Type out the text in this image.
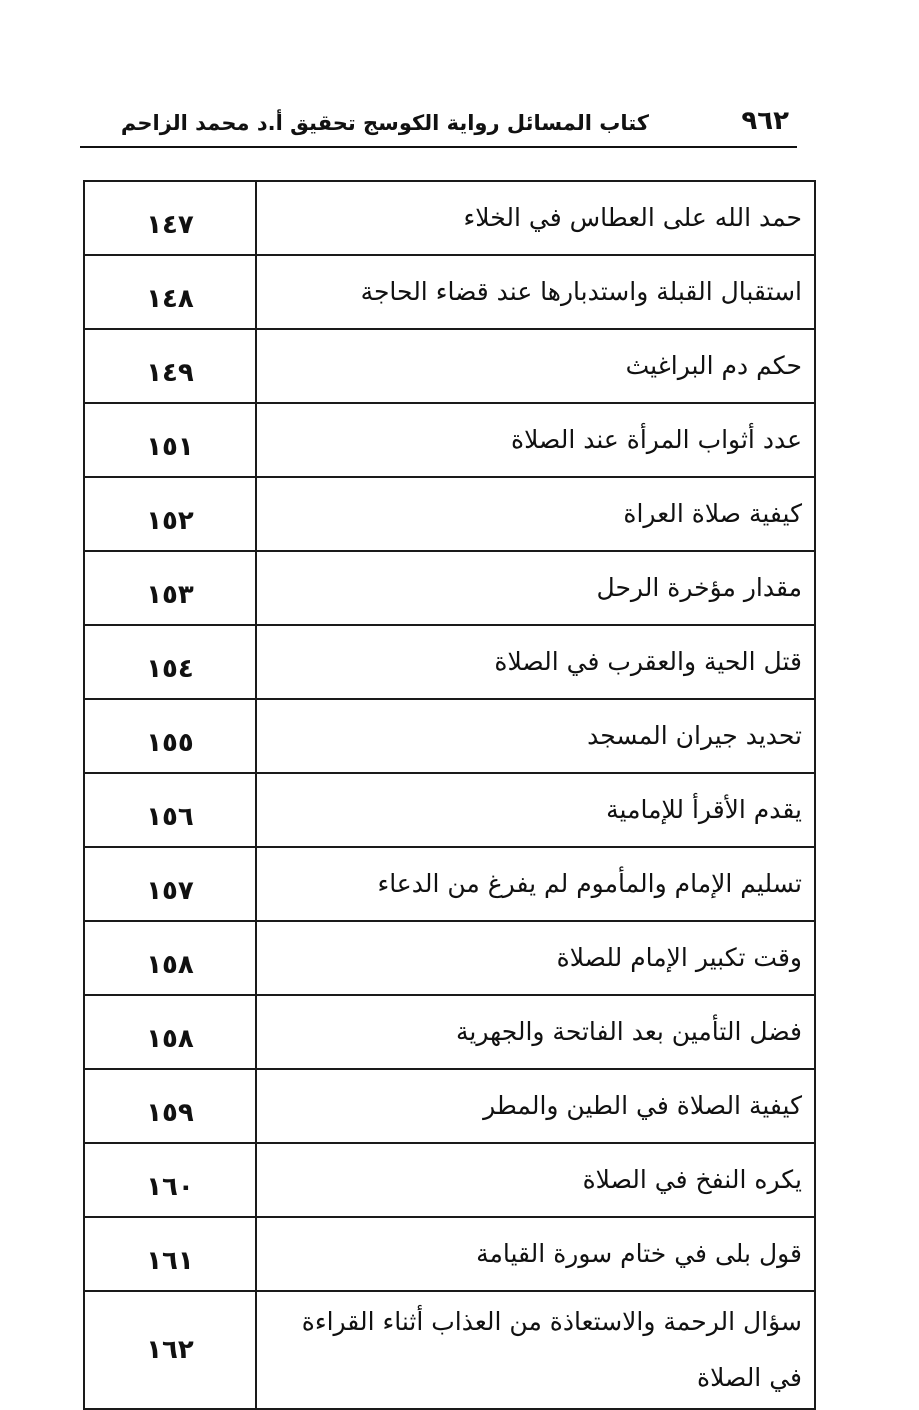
٩٦٢
كتاب المسائل رواية الكوسج تحقيق أ.د محمد الزاحم
حمد الله على العطاس في الخلاء	١٤٧
استقبال القبلة واستدبارها عند قضاء الحاجة	١٤٨
حكم دم البراغيث	١٤٩
عدد أثواب المرأة عند الصلاة	١٥١
كيفية صلاة العراة	١٥٢
مقدار مؤخرة الرحل	١٥٣
قتل الحية والعقرب في الصلاة	١٥٤
تحديد جيران المسجد	١٥٥
يقدم الأقرأ للإمامية	١٥٦
تسليم الإمام والمأموم لم يفرغ من الدعاء	١٥٧
وقت تكبير الإمام للصلاة	١٥٨
فضل التأمين بعد الفاتحة والجهرية	١٥٨
كيفية الصلاة في الطين والمطر	١٥٩
يكره النفخ في الصلاة	١٦٠
قول بلى في ختام سورة القيامة	١٦١
سؤال الرحمة والاستعاذة من العذاب أثناء القراءة في الصلاة	١٦٢
